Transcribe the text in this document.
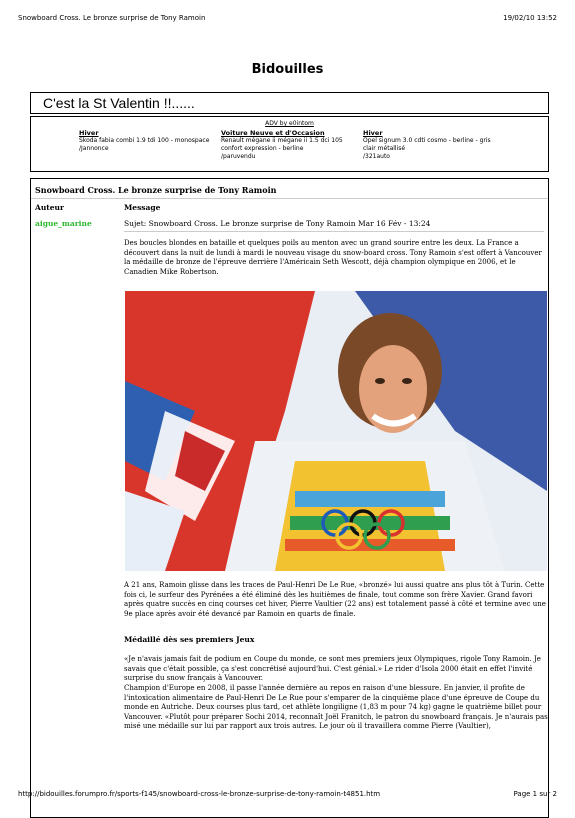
Snowboard Cross. Le bronze surprise de Tony Ramoin	19/02/10 13:52
Bidouilles
C'est la St Valentin !!......
ADV by e0intom
Hiver
Skoda fabia combi 1.9 tdi 100 - monospace
/Jannonce
Voiture Neuve et d'Occasion
Renault mégane ii mégane ii 1.5 dci 105
confort expression - berline
/paruvendu
Hiver
Opel signum 3.0 cdti cosmo - berline - gris
clair métallisé
/321auto
Snowboard Cross. Le bronze surprise de Tony Ramoin
Auteur	Message
aigue_marine	Sujet: Snowboard Cross. Le bronze surprise de Tony Ramoin Mar 16 Fév - 13:24

Des boucles blondes en bataille et quelques poils au menton avec un grand sourire entre les deux. La France a découvert dans la nuit de lundi à mardi le nouveau visage du snow-board cross. Tony Ramoin s'est offert à Vancouver la médaille de bronze de l'épreuve derrière l'Américain Seth Wescott, déjà champion olympique en 2006, et le Canadien Mike Robertson.

A 21 ans, Ramoin glisse dans les traces de Paul-Henri De Le Rue, «bronzé» lui aussi quatre ans plus tôt à Turin. Cette fois ci, le surfeur des Pyrénées a été éliminé dès les huitièmes de finale, tout comme son frère Xavier. Grand favori après quatre succès en cinq courses cet hiver, Pierre Vaultier (22 ans) est totalement passé à côté et termine avec une 9e place après avoir été devancé par Ramoin en quarts de finale.

Médaillé dès ses premiers Jeux

«Je n'avais jamais fait de podium en Coupe du monde, ce sont mes premiers jeux Olympiques, rigole Tony Ramoin. Je savais que c'était possible, ça s'est concrétisé aujourd'hui. C'est génial.» Le rider d'Isola 2000 était en effet l'invité surprise du snow français à Vancouver.

Champion d'Europe en 2008, il passe l'année dernière au repos en raison d'une blessure. En janvier, il profite de l'intoxication alimentaire de Paul-Henri De Le Rue pour s'emparer de la cinquième place d'une épreuve de Coupe du monde en Autriche. Deux courses plus tard, cet athlète longiligne (1,83 m pour 74 kg) gagne le quatrième billet pour Vancouver. «Plutôt pour préparer Sochi 2014, reconnaît Joël Franitch, le patron du snowboard français. Je n'aurais pas misé une médaille sur lui par rapport aux trois autres. Le jour où il travaillera comme Pierre (Vaultier),

http://bidouilles.forumpro.fr/sports-f145/snowboard-cross-le-bronze-surprise-de-tony-ramoin-t4851.htm	Page 1 sur 2
